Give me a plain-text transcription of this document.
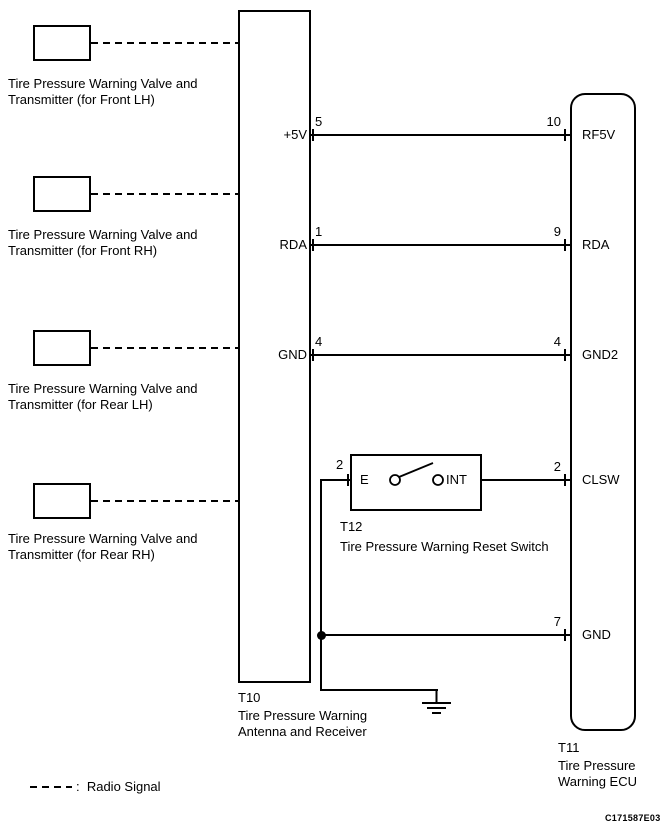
Tire Pressure Warning Valve and
Transmitter (for Front LH)
Tire Pressure Warning Valve and
Transmitter (for Front RH)
Tire Pressure Warning Valve and
Transmitter (for Rear LH)
Tire Pressure Warning Valve and
Transmitter (for Rear RH)
T10
Tire Pressure Warning
Antenna and Receiver
T11
Tire Pressure
Warning ECU
+5V
5	10
RF5V
RDA
1	9
RDA
GND
4	4
GND2
2	2
CLSW
E	INT
T12
Tire Pressure Warning Reset Switch
7
GND
:  Radio Signal
C171587E03
